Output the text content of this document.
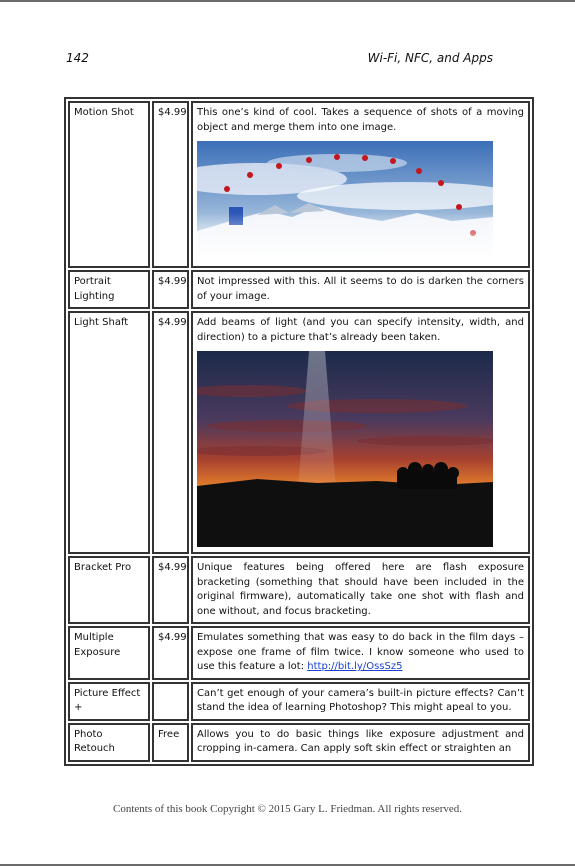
142	Wi-Fi, NFC, and Apps
Motion Shot	$4.99	This one’s kind of cool. Takes a sequence of shots of a moving object and merge them into one image.

Portrait Lighting	$4.99	Not impressed with this. All it seems to do is darken the corners of your image.
Light Shaft	$4.99	Add beams of light (and you can specify intensity, width, and direction) to a picture that’s already been taken.

Bracket Pro	$4.99	Unique features being offered here are flash exposure bracketing (something that should have been included in the original firmware), automatically take one shot with flash and one without, and focus bracketing.
Multiple Exposure	$4.99	Emulates something that was easy to do back in the film days – expose one frame of film twice. I know someone who used to use this feature a lot: http://bit.ly/OssSz5
Picture Effect +		Can’t get enough of your camera’s built-in picture effects? Can’t stand the idea of learning Photoshop? This might apeal to you.
Photo Retouch	Free	Allows you to do basic things like exposure adjustment and cropping in-camera. Can apply soft skin effect or straighten an
Contents of this book Copyright © 2015 Gary L. Friedman. All rights reserved.
